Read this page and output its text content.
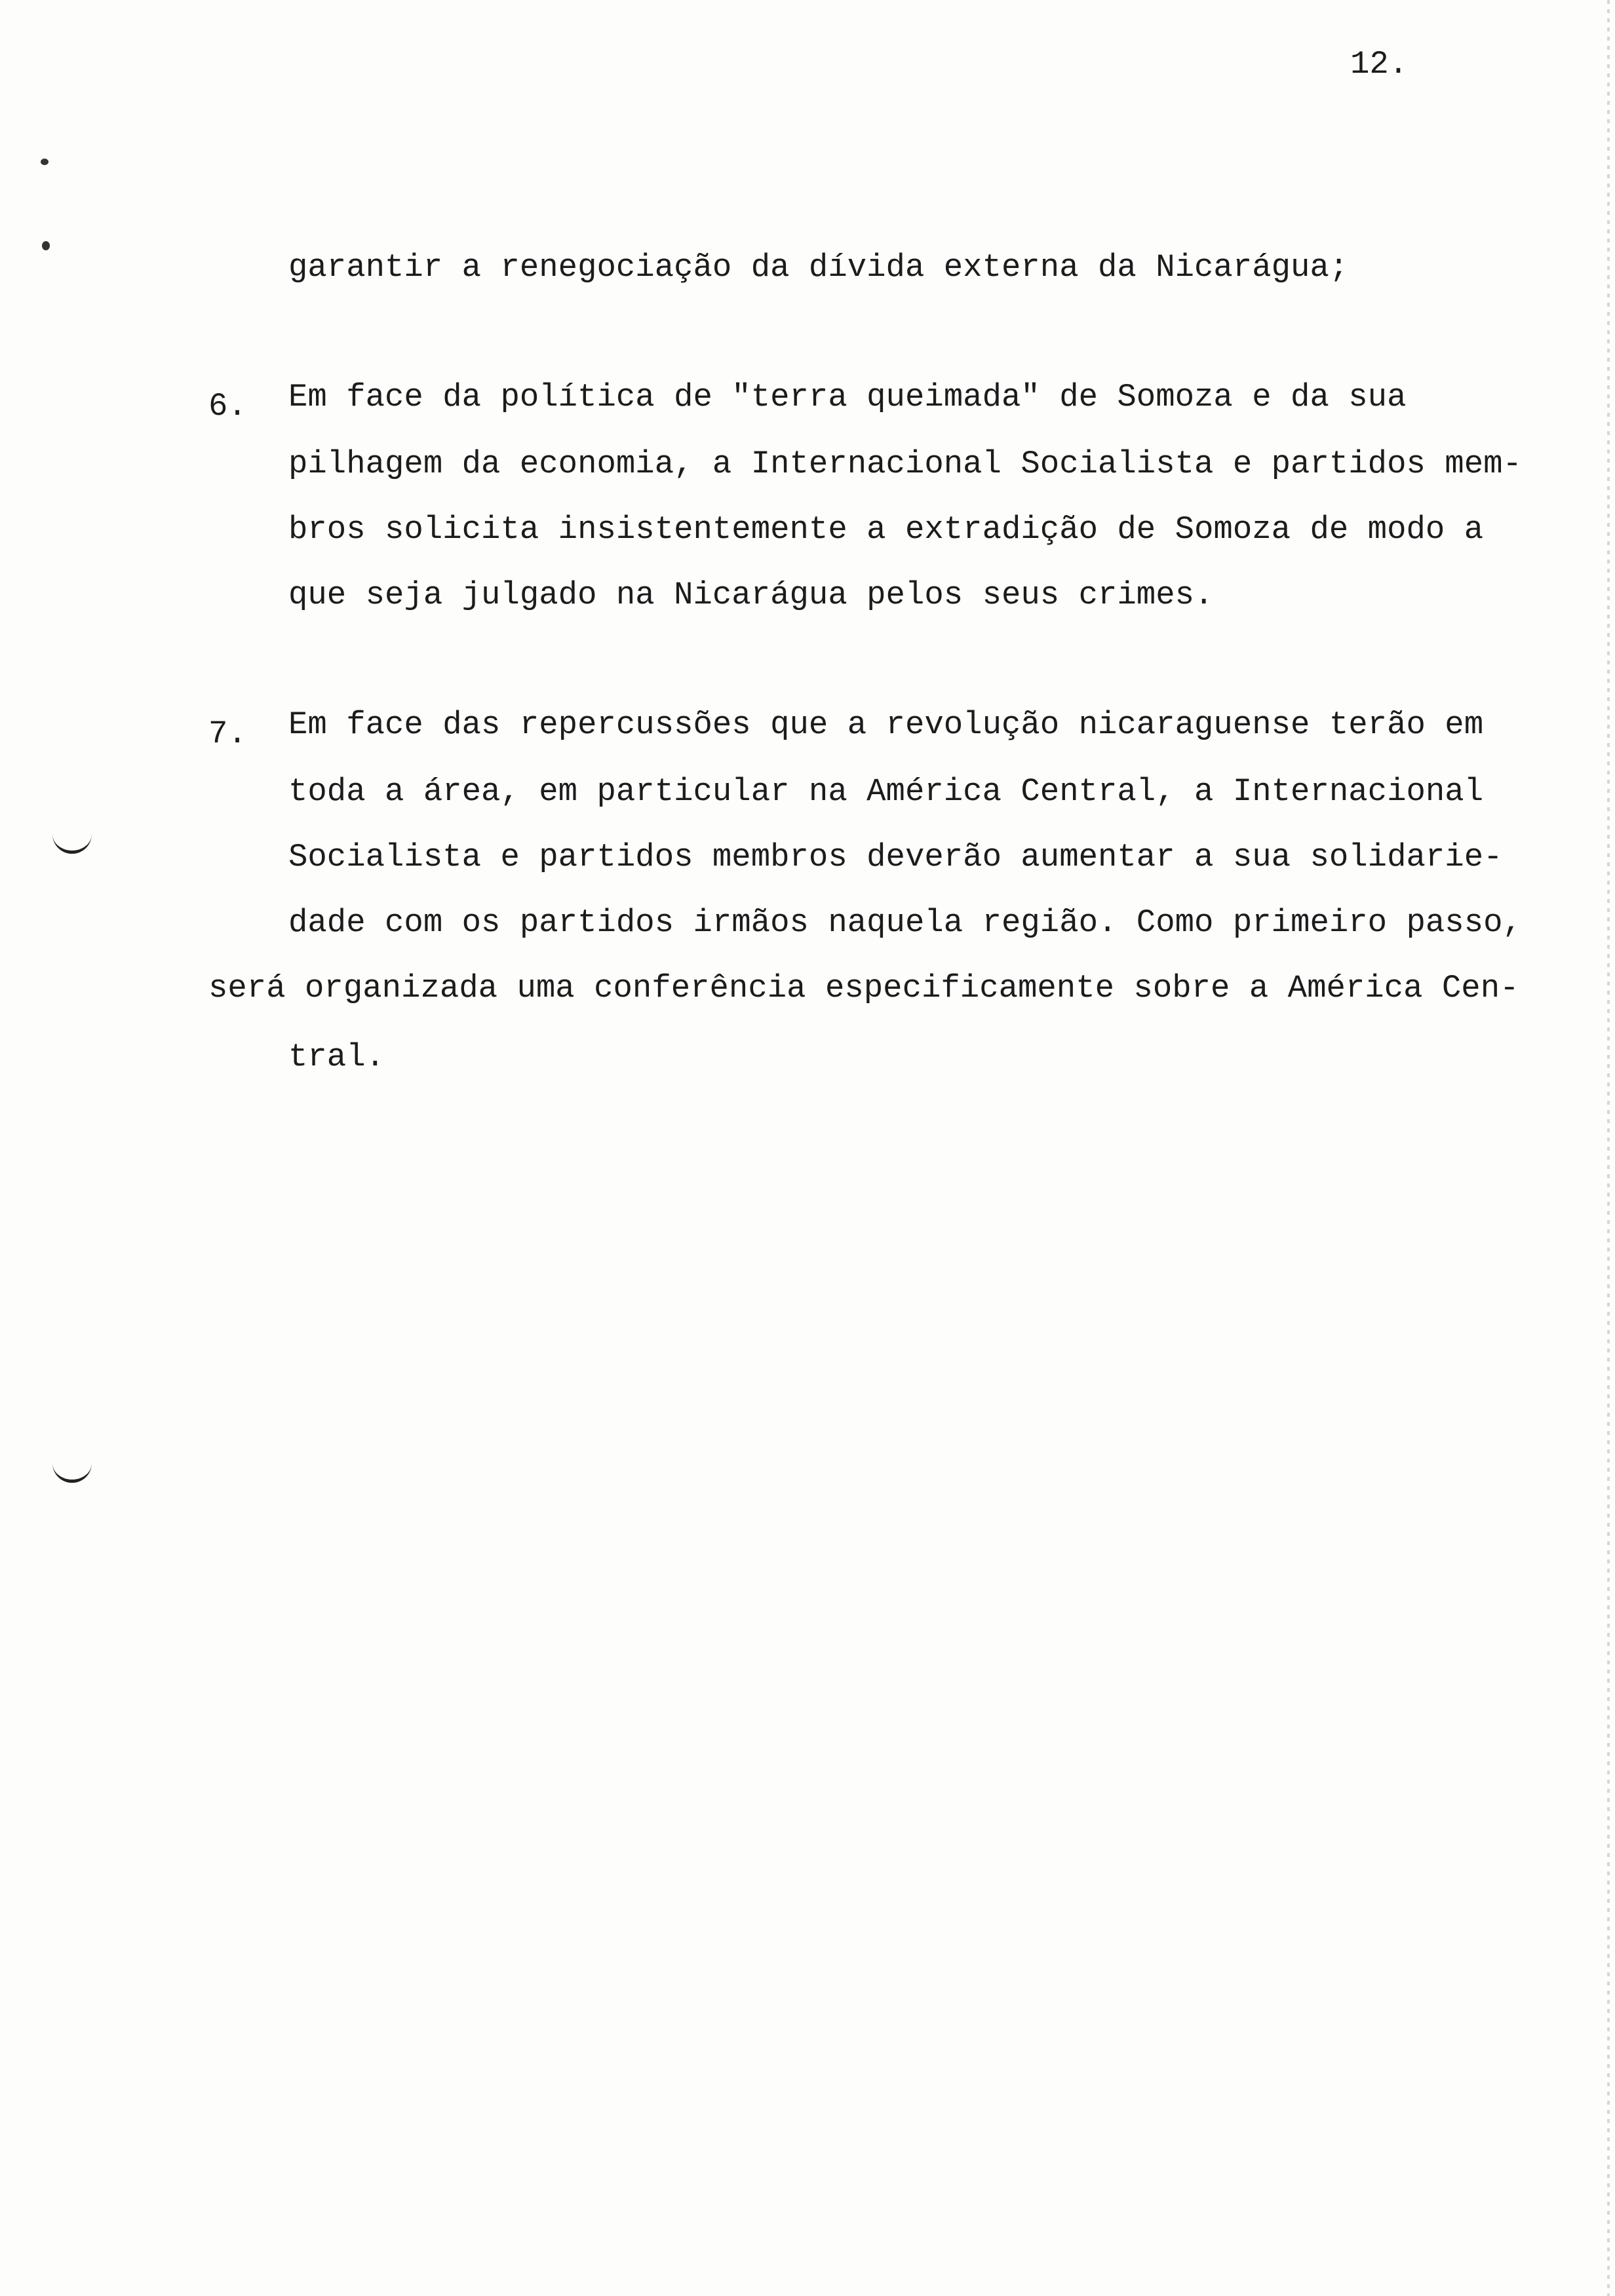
12.
garantir a renegociação da dívida externa da Nicarágua;
6. Em face da política de "terra queimada" de Somoza e da sua
pilhagem da economia, a Internacional Socialista e partidos mem-
bros solicita insistentemente a extradição de Somoza de modo a
que seja julgado na Nicarágua pelos seus crimes.
7. Em face das repercussões que a revolução nicaraguense terão em
toda a área, em particular na América Central, a Internacional
Socialista e partidos membros deverão aumentar a sua solidarie-
dade com os partidos irmãos naquela região. Como primeiro passo,
será organizada uma conferência especificamente sobre a América Cen-
tral.
